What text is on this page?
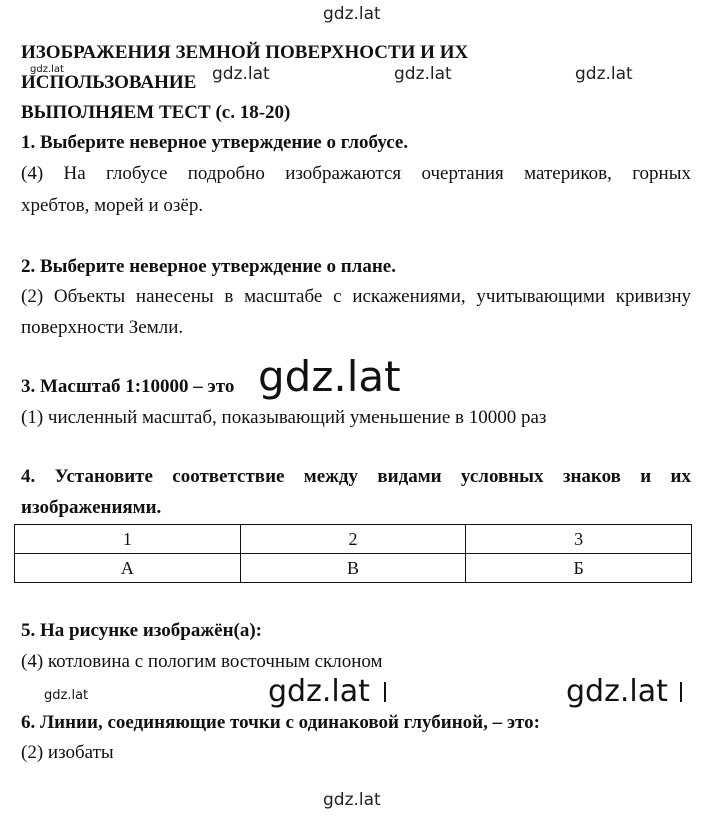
gdz.lat
gdz.lat	gdz.lat	gdz.lat	gdz.lat
gdz.lat
gdz.lat	gdz.lat	gdz.lat
gdz.lat
ИЗОБРАЖЕНИЯ ЗЕМНОЙ ПОВЕРХНОСТИ И ИХ
ИСПОЛЬЗОВАНИЕ
ВЫПОЛНЯЕМ ТЕСТ (с. 18-20)
1. Выберите неверное утверждение о глобусе.
(4) На глобусе подробно изображаются очертания материков, горных
хребтов, морей и озёр.
2. Выберите неверное утверждение о плане.
(2) Объекты нанесены в масштабе с искажениями, учитывающими кривизну
поверхности Земли.
3. Масштаб 1:10000 – это
(1) численный масштаб, показывающий уменьшение в 10000 раз
4. Установите соответствие между видами условных знаков и их
изображениями.
1	2	3
А	В	Б
5. На рисунке изображён(а):
(4) котловина с пологим восточным склоном
6. Линии, соединяющие точки с одинаковой глубиной, – это:
(2) изобаты
